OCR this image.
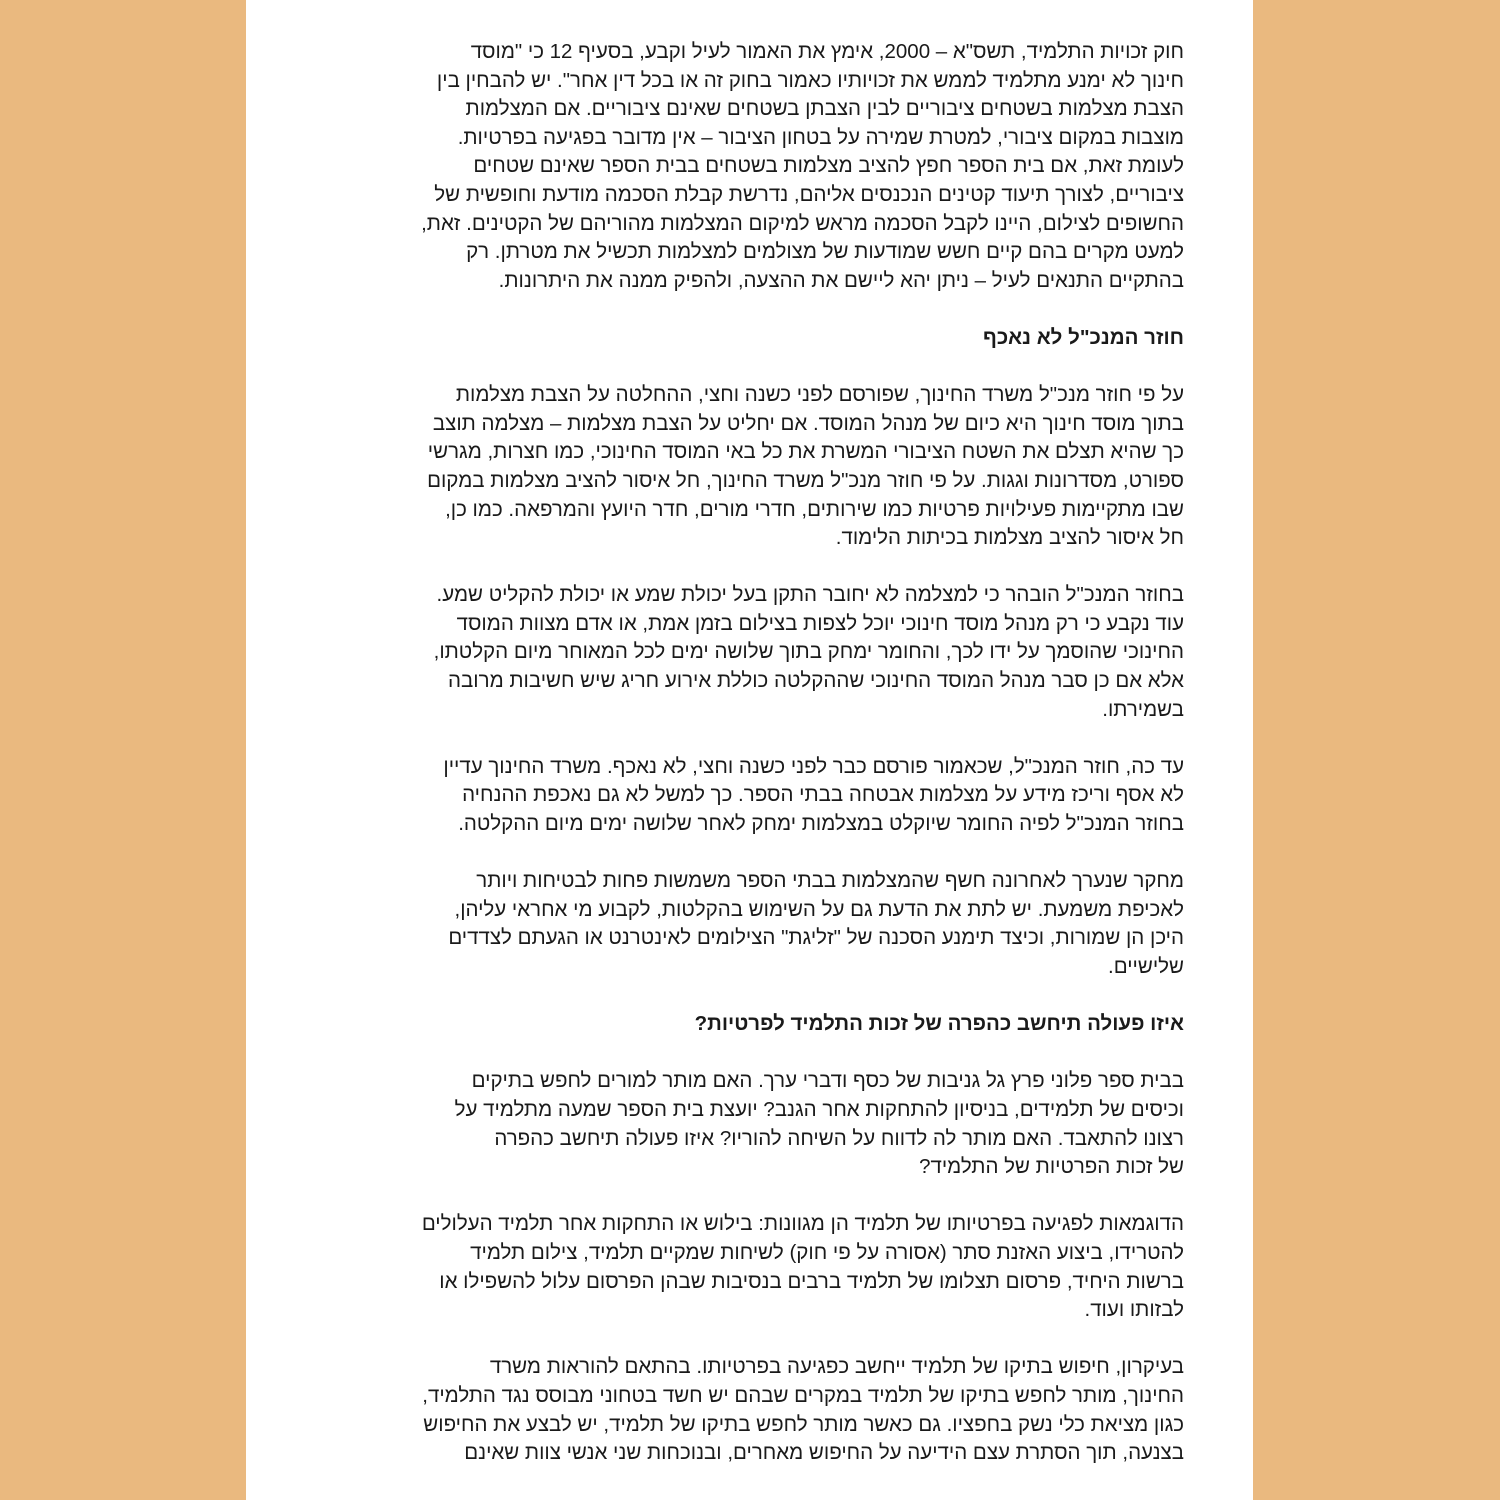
חוק זכויות התלמיד, תשס"א – 2000, אימץ את האמור לעיל וקבע, בסעיף 12 כי "מוסד
חינוך לא ימנע מתלמיד לממש את זכויותיו כאמור בחוק זה או בכל דין אחר". יש להבחין בין
הצבת מצלמות בשטחים ציבוריים לבין הצבתן בשטחים שאינם ציבוריים. אם המצלמות
מוצבות במקום ציבורי, למטרת שמירה על בטחון הציבור – אין מדובר בפגיעה בפרטיות.
לעומת זאת, אם בית הספר חפץ להציב מצלמות בשטחים בבית הספר שאינם שטחים
ציבוריים, לצורך תיעוד קטינים הנכנסים אליהם, נדרשת קבלת הסכמה מודעת וחופשית של
החשופים לצילום, היינו לקבל הסכמה מראש למיקום המצלמות מהוריהם של הקטינים. זאת,
למעט מקרים בהם קיים חשש שמודעות של מצולמים למצלמות תכשיל את מטרתן. רק
בהתקיים התנאים לעיל – ניתן יהא ליישם את ההצעה, ולהפיק ממנה את היתרונות.
חוזר המנכ"ל לא נאכף
על פי חוזר מנכ"ל משרד החינוך, שפורסם לפני כשנה וחצי, ההחלטה על הצבת מצלמות
בתוך מוסד חינוך היא כיום של מנהל המוסד. אם יחליט על הצבת מצלמות – מצלמה תוצב
כך שהיא תצלם את השטח הציבורי המשרת את כל באי המוסד החינוכי, כמו חצרות, מגרשי
ספורט, מסדרונות וגגות. על פי חוזר מנכ"ל משרד החינוך, חל איסור להציב מצלמות במקום
שבו מתקיימות פעילויות פרטיות כמו שירותים, חדרי מורים, חדר היועץ והמרפאה. כמו כן,
חל איסור להציב מצלמות בכיתות הלימוד.
בחוזר המנכ"ל הובהר כי למצלמה לא יחובר התקן בעל יכולת שמע או יכולת להקליט שמע.
עוד נקבע כי רק מנהל מוסד חינוכי יוכל לצפות בצילום בזמן אמת, או אדם מצוות המוסד
החינוכי שהוסמך על ידו לכך, והחומר ימחק בתוך שלושה ימים לכל המאוחר מיום הקלטתו,
אלא אם כן סבר מנהל המוסד החינוכי שההקלטה כוללת אירוע חריג שיש חשיבות מרובה
בשמירתו.
עד כה, חוזר המנכ"ל, שכאמור פורסם כבר לפני כשנה וחצי, לא נאכף. משרד החינוך עדיין
לא אסף וריכז מידע על מצלמות אבטחה בבתי הספר. כך למשל לא גם נאכפת ההנחיה
בחוזר המנכ"ל לפיה החומר שיוקלט במצלמות ימחק לאחר שלושה ימים מיום ההקלטה.
מחקר שנערך לאחרונה חשף שהמצלמות בבתי הספר משמשות פחות לבטיחות ויותר
לאכיפת משמעת. יש לתת את הדעת גם על השימוש בהקלטות, לקבוע מי אחראי עליהן,
היכן הן שמורות, וכיצד תימנע הסכנה של "זליגת" הצילומים לאינטרנט או הגעתם לצדדים
שלישיים.
איזו פעולה תיחשב כהפרה של זכות התלמיד לפרטיות?
בבית ספר פלוני פרץ גל גניבות של כסף ודברי ערך. האם מותר למורים לחפש בתיקים
וכיסים של תלמידים, בניסיון להתחקות אחר הגנב? יועצת בית הספר שמעה מתלמיד על
רצונו להתאבד. האם מותר לה לדווח על השיחה להוריו? איזו פעולה תיחשב כהפרה
של זכות הפרטיות של התלמיד?
הדוגמאות לפגיעה בפרטיותו של תלמיד הן מגוונות: בילוש או התחקות אחר תלמיד העלולים
להטרידו, ביצוע האזנת סתר (אסורה על פי חוק) לשיחות שמקיים תלמיד, צילום תלמיד
ברשות היחיד, פרסום תצלומו של תלמיד ברבים בנסיבות שבהן הפרסום עלול להשפילו או
לבזותו ועוד.
בעיקרון, חיפוש בתיקו של תלמיד ייחשב כפגיעה בפרטיותו. בהתאם להוראות משרד
החינוך, מותר לחפש בתיקו של תלמיד במקרים שבהם יש חשד בטחוני מבוסס נגד התלמיד,
כגון מציאת כלי נשק בחפציו. גם כאשר מותר לחפש בתיקו של תלמיד, יש לבצע את החיפוש
בצנעה, תוך הסתרת עצם הידיעה על החיפוש מאחרים, ובנוכחות שני אנשי צוות שאינם
